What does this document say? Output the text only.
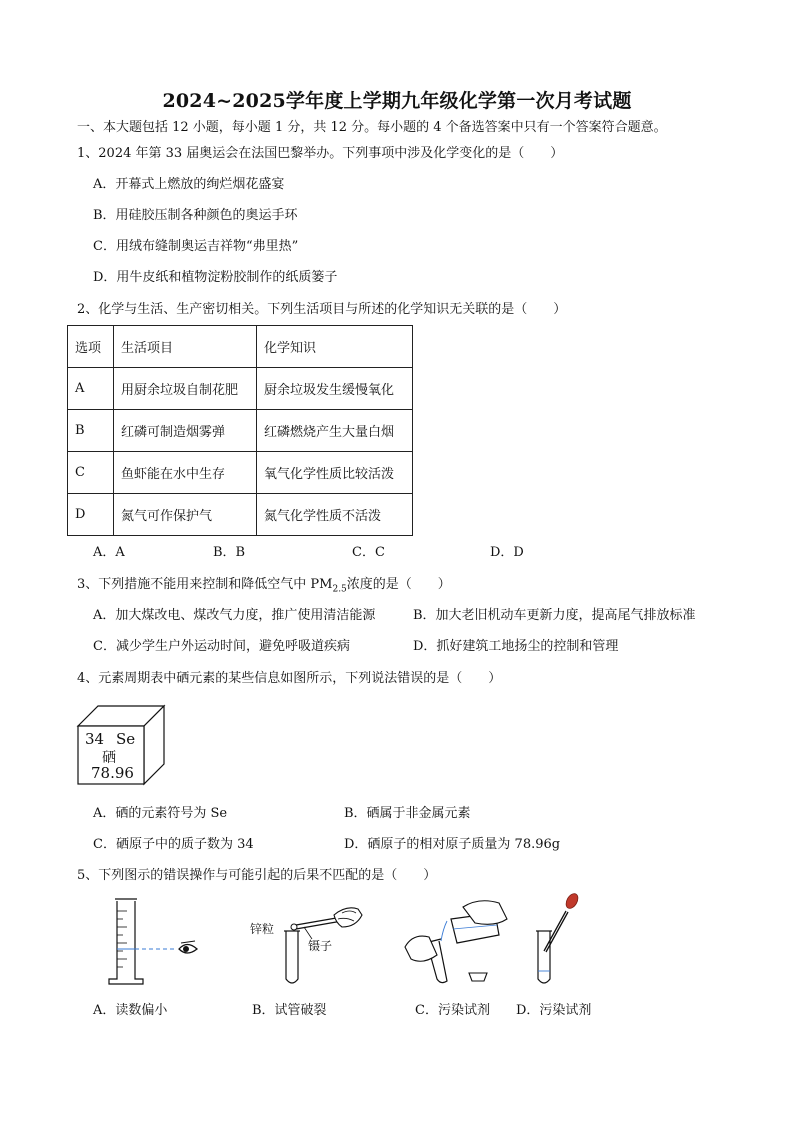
2024~2025学年度上学期九年级化学第一次月考试题
一、本大题包括 12 小题，每小题 1 分，共 12 分。每小题的 4 个备选答案中只有一个答案符合题意。
1、2024 年第 33 届奥运会在法国巴黎举办。下列事项中涉及化学变化的是（　　）
A．开幕式上燃放的绚烂烟花盛宴
B．用硅胶压制各种颜色的奥运手环
C．用绒布缝制奥运吉祥物“弗里热”
D．用牛皮纸和植物淀粉胶制作的纸质篓子
2、化学与生活、生产密切相关。下列生活项目与所述的化学知识无关联的是（　　）
选项	生活项目	化学知识
A	用厨余垃圾自制花肥	厨余垃圾发生缓慢氧化
B	红磷可制造烟雾弹	红磷燃烧产生大量白烟
C	鱼虾能在水中生存	氧气化学性质比较活泼
D	氮气可作保护气	氮气化学性质不活泼
A．A	B．B	C．C	D．D
3、下列措施不能用来控制和降低空气中 $PM_{2.5}$浓度的是（　　）
A．加大煤改电、煤改气力度，推广使用清洁能源	B．加大老旧机动车更新力度，提高尾气排放标准
C．减少学生户外运动时间，避免呼吸道疾病	D．抓好建筑工地扬尘的控制和管理
4、元素周期表中硒元素的某些信息如图所示，下列说法错误的是（　　）
34 Se
硒
78.96
A．硒的元素符号为 Se	B．硒属于非金属元素
C．硒原子中的质子数为 34	D．硒原子的相对原子质量为 78.96g
5、下列图示的错误操作与可能引起的后果不匹配的是（　　）
锌粒
镊子
A．读数偏小	B．试管破裂	C．污染试剂 D．污染试剂
